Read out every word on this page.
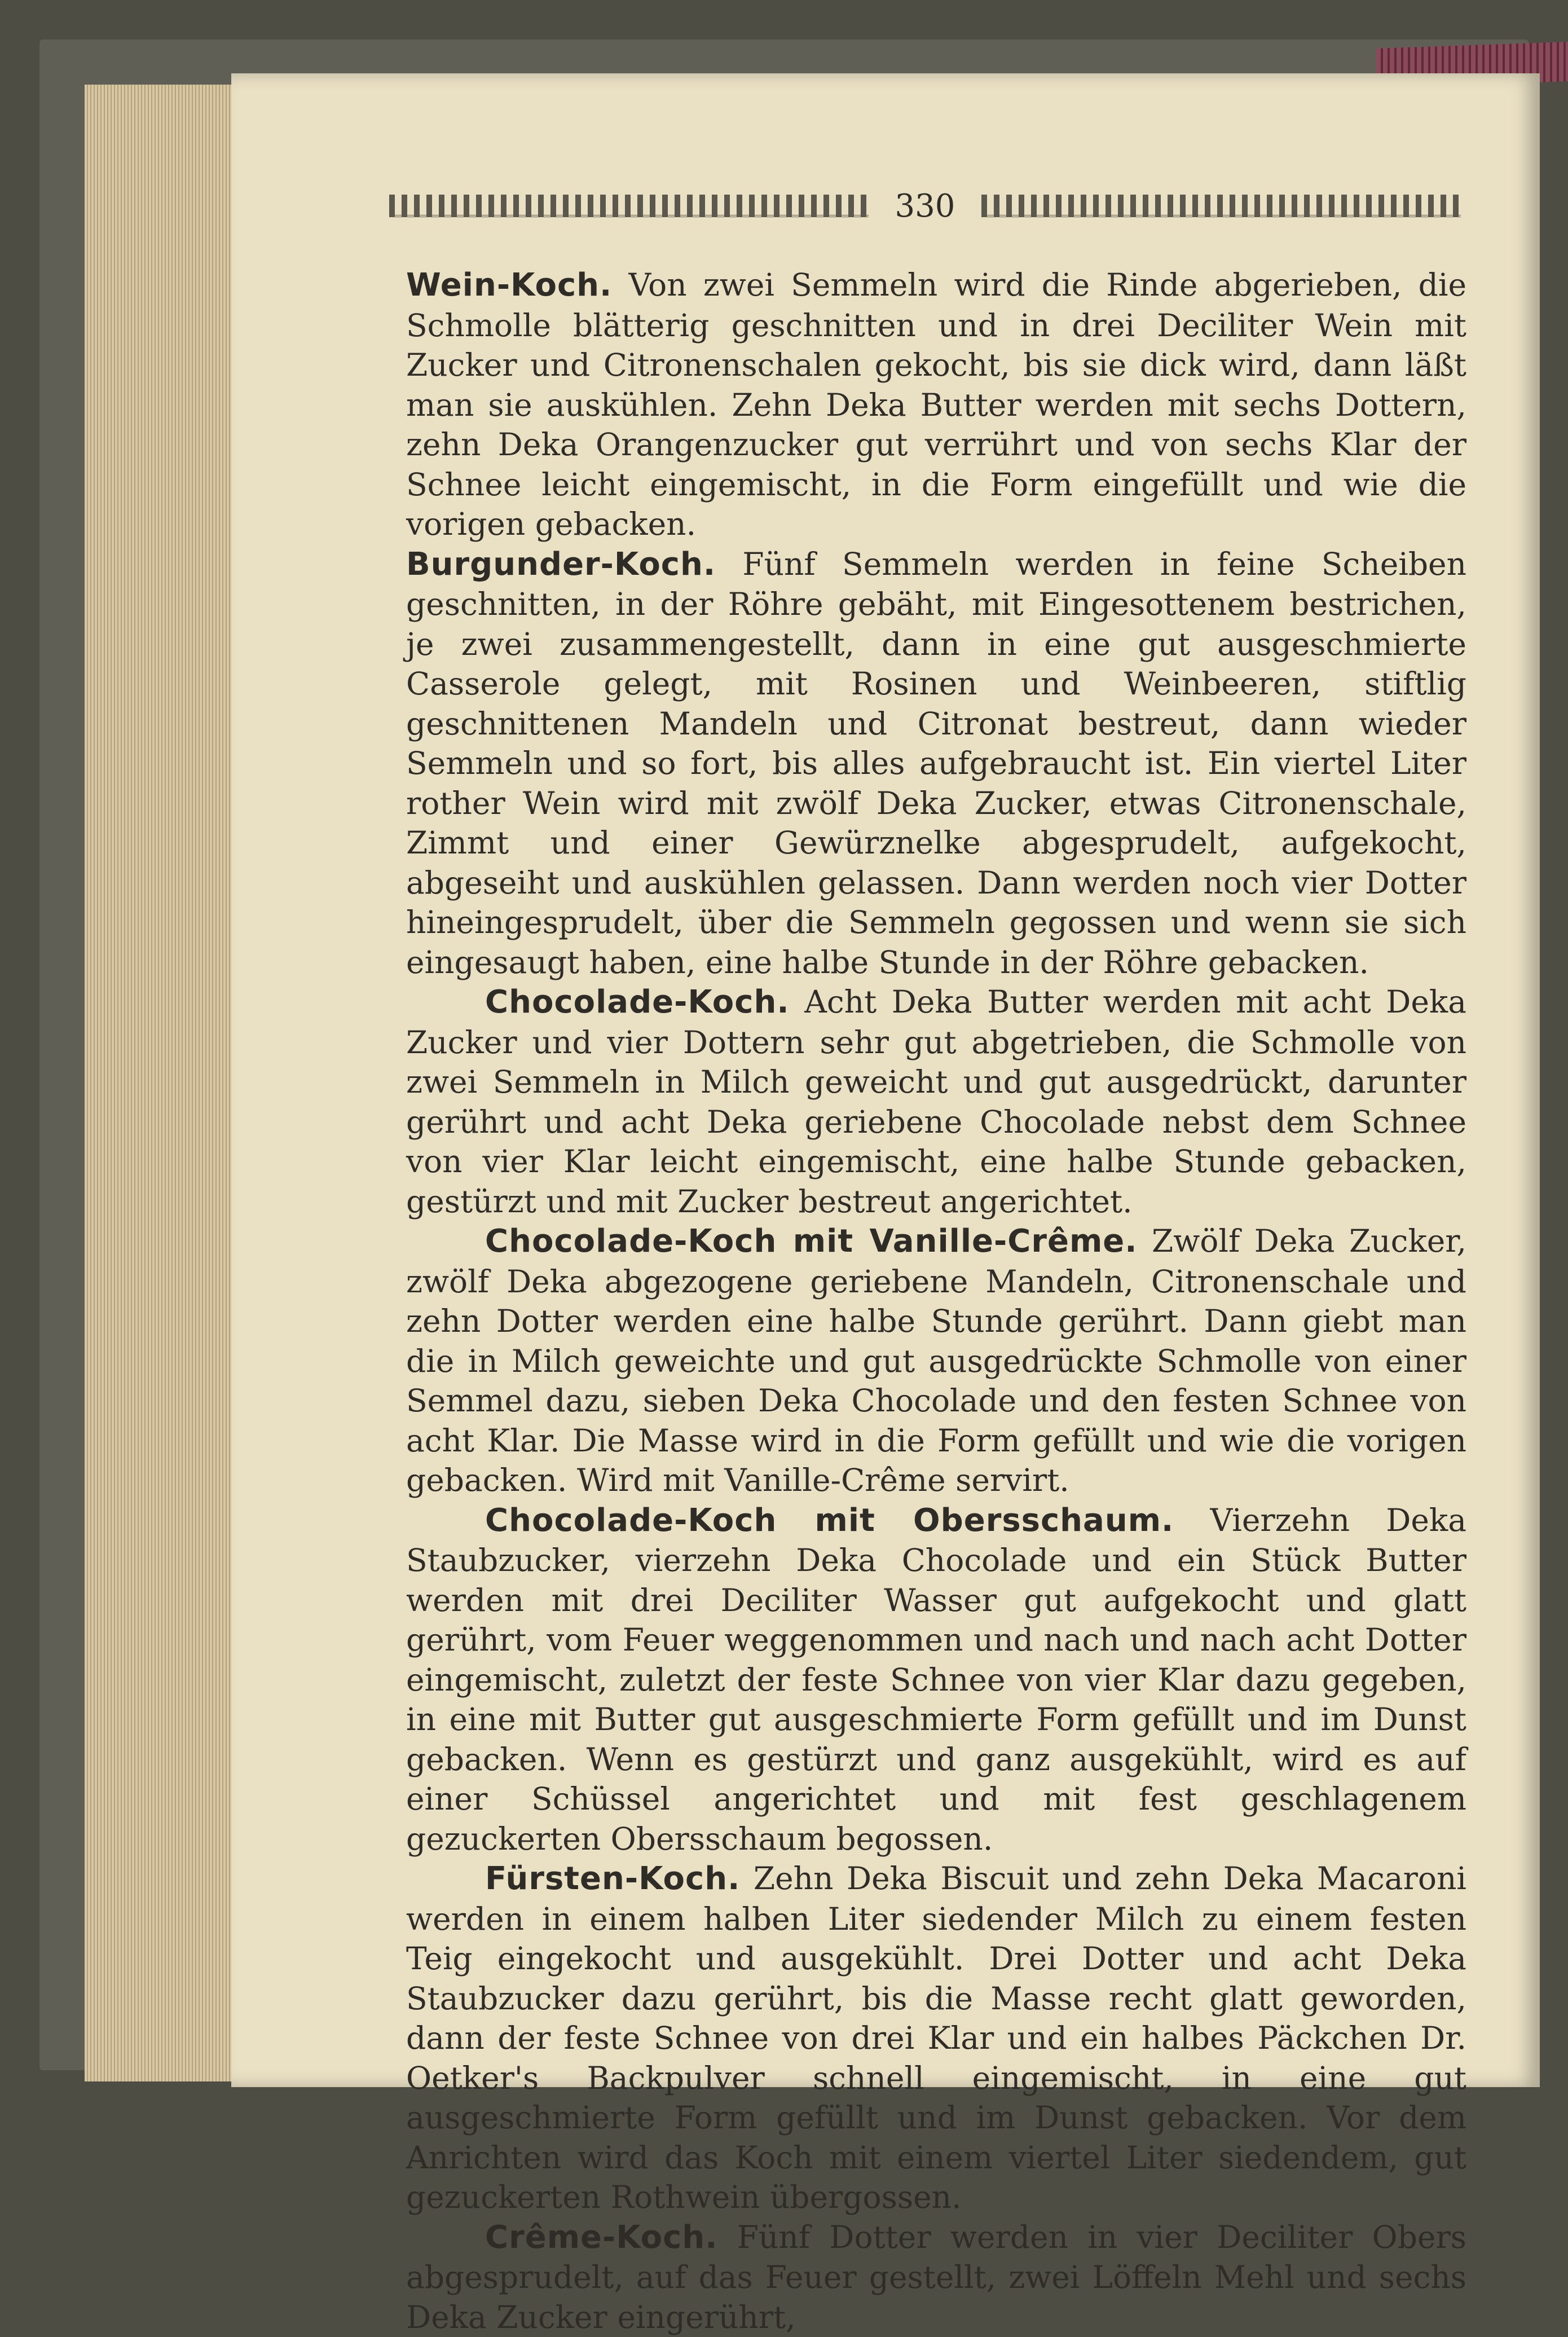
330

Wein-Koch. Von zwei Semmeln wird die Rinde abgerieben, die Schmolle blätterig geschnitten und in drei Deciliter Wein mit Zucker und Citronenschalen gekocht, bis sie dick wird, dann läßt man sie auskühlen. Zehn Deka Butter werden mit sechs Dottern, zehn Deka Orangenzucker gut verrührt und von sechs Klar der Schnee leicht eingemischt, in die Form eingefüllt und wie die vorigen gebacken.

Burgunder-Koch. Fünf Semmeln werden in feine Scheiben geschnitten, in der Röhre gebäht, mit Eingesottenem bestrichen, je zwei zusammengestellt, dann in eine gut ausgeschmierte Casserole gelegt, mit Rosinen und Weinbeeren, stiftlig geschnittenen Mandeln und Citronat bestreut, dann wieder Semmeln und so fort, bis alles aufgebraucht ist. Ein viertel Liter rother Wein wird mit zwölf Deka Zucker, etwas Citronenschale, Zimmt und einer Gewürznelke abgesprudelt, aufgekocht, abgeseiht und auskühlen gelassen. Dann werden noch vier Dotter hineingesprudelt, über die Semmeln gegossen und wenn sie sich eingesaugt haben, eine halbe Stunde in der Röhre gebacken.

Chocolade-Koch. Acht Deka Butter werden mit acht Deka Zucker und vier Dottern sehr gut abgetrieben, die Schmolle von zwei Semmeln in Milch geweicht und gut ausgedrückt, darunter gerührt und acht Deka geriebene Chocolade nebst dem Schnee von vier Klar leicht eingemischt, eine halbe Stunde gebacken, gestürzt und mit Zucker bestreut angerichtet.

Chocolade-Koch mit Vanille-Crême. Zwölf Deka Zucker, zwölf Deka abgezogene geriebene Mandeln, Citronenschale und zehn Dotter werden eine halbe Stunde gerührt. Dann giebt man die in Milch geweichte und gut ausgedrückte Schmolle von einer Semmel dazu, sieben Deka Chocolade und den festen Schnee von acht Klar. Die Masse wird in die Form gefüllt und wie die vorigen gebacken. Wird mit Vanille-Crême servirt.

Chocolade-Koch mit Obersschaum. Vierzehn Deka Staubzucker, vierzehn Deka Chocolade und ein Stück Butter werden mit drei Deciliter Wasser gut aufgekocht und glatt gerührt, vom Feuer weggenommen und nach und nach acht Dotter eingemischt, zuletzt der feste Schnee von vier Klar dazu gegeben, in eine mit Butter gut ausgeschmierte Form gefüllt und im Dunst gebacken. Wenn es gestürzt und ganz ausgekühlt, wird es auf einer Schüssel angerichtet und mit fest geschlagenem gezuckerten Obersschaum begossen.

Fürsten-Koch. Zehn Deka Biscuit und zehn Deka Macaroni werden in einem halben Liter siedender Milch zu einem festen Teig eingekocht und ausgekühlt. Drei Dotter und acht Deka Staubzucker dazu gerührt, bis die Masse recht glatt geworden, dann der feste Schnee von drei Klar und ein halbes Päckchen Dr. Oetker's Backpulver schnell eingemischt, in eine gut ausgeschmierte Form gefüllt und im Dunst gebacken. Vor dem Anrichten wird das Koch mit einem viertel Liter siedendem, gut gezuckerten Rothwein übergossen.

Crême-Koch. Fünf Dotter werden in vier Deciliter Obers abgesprudelt, auf das Feuer gestellt, zwei Löffeln Mehl und sechs Deka Zucker eingerührt,
